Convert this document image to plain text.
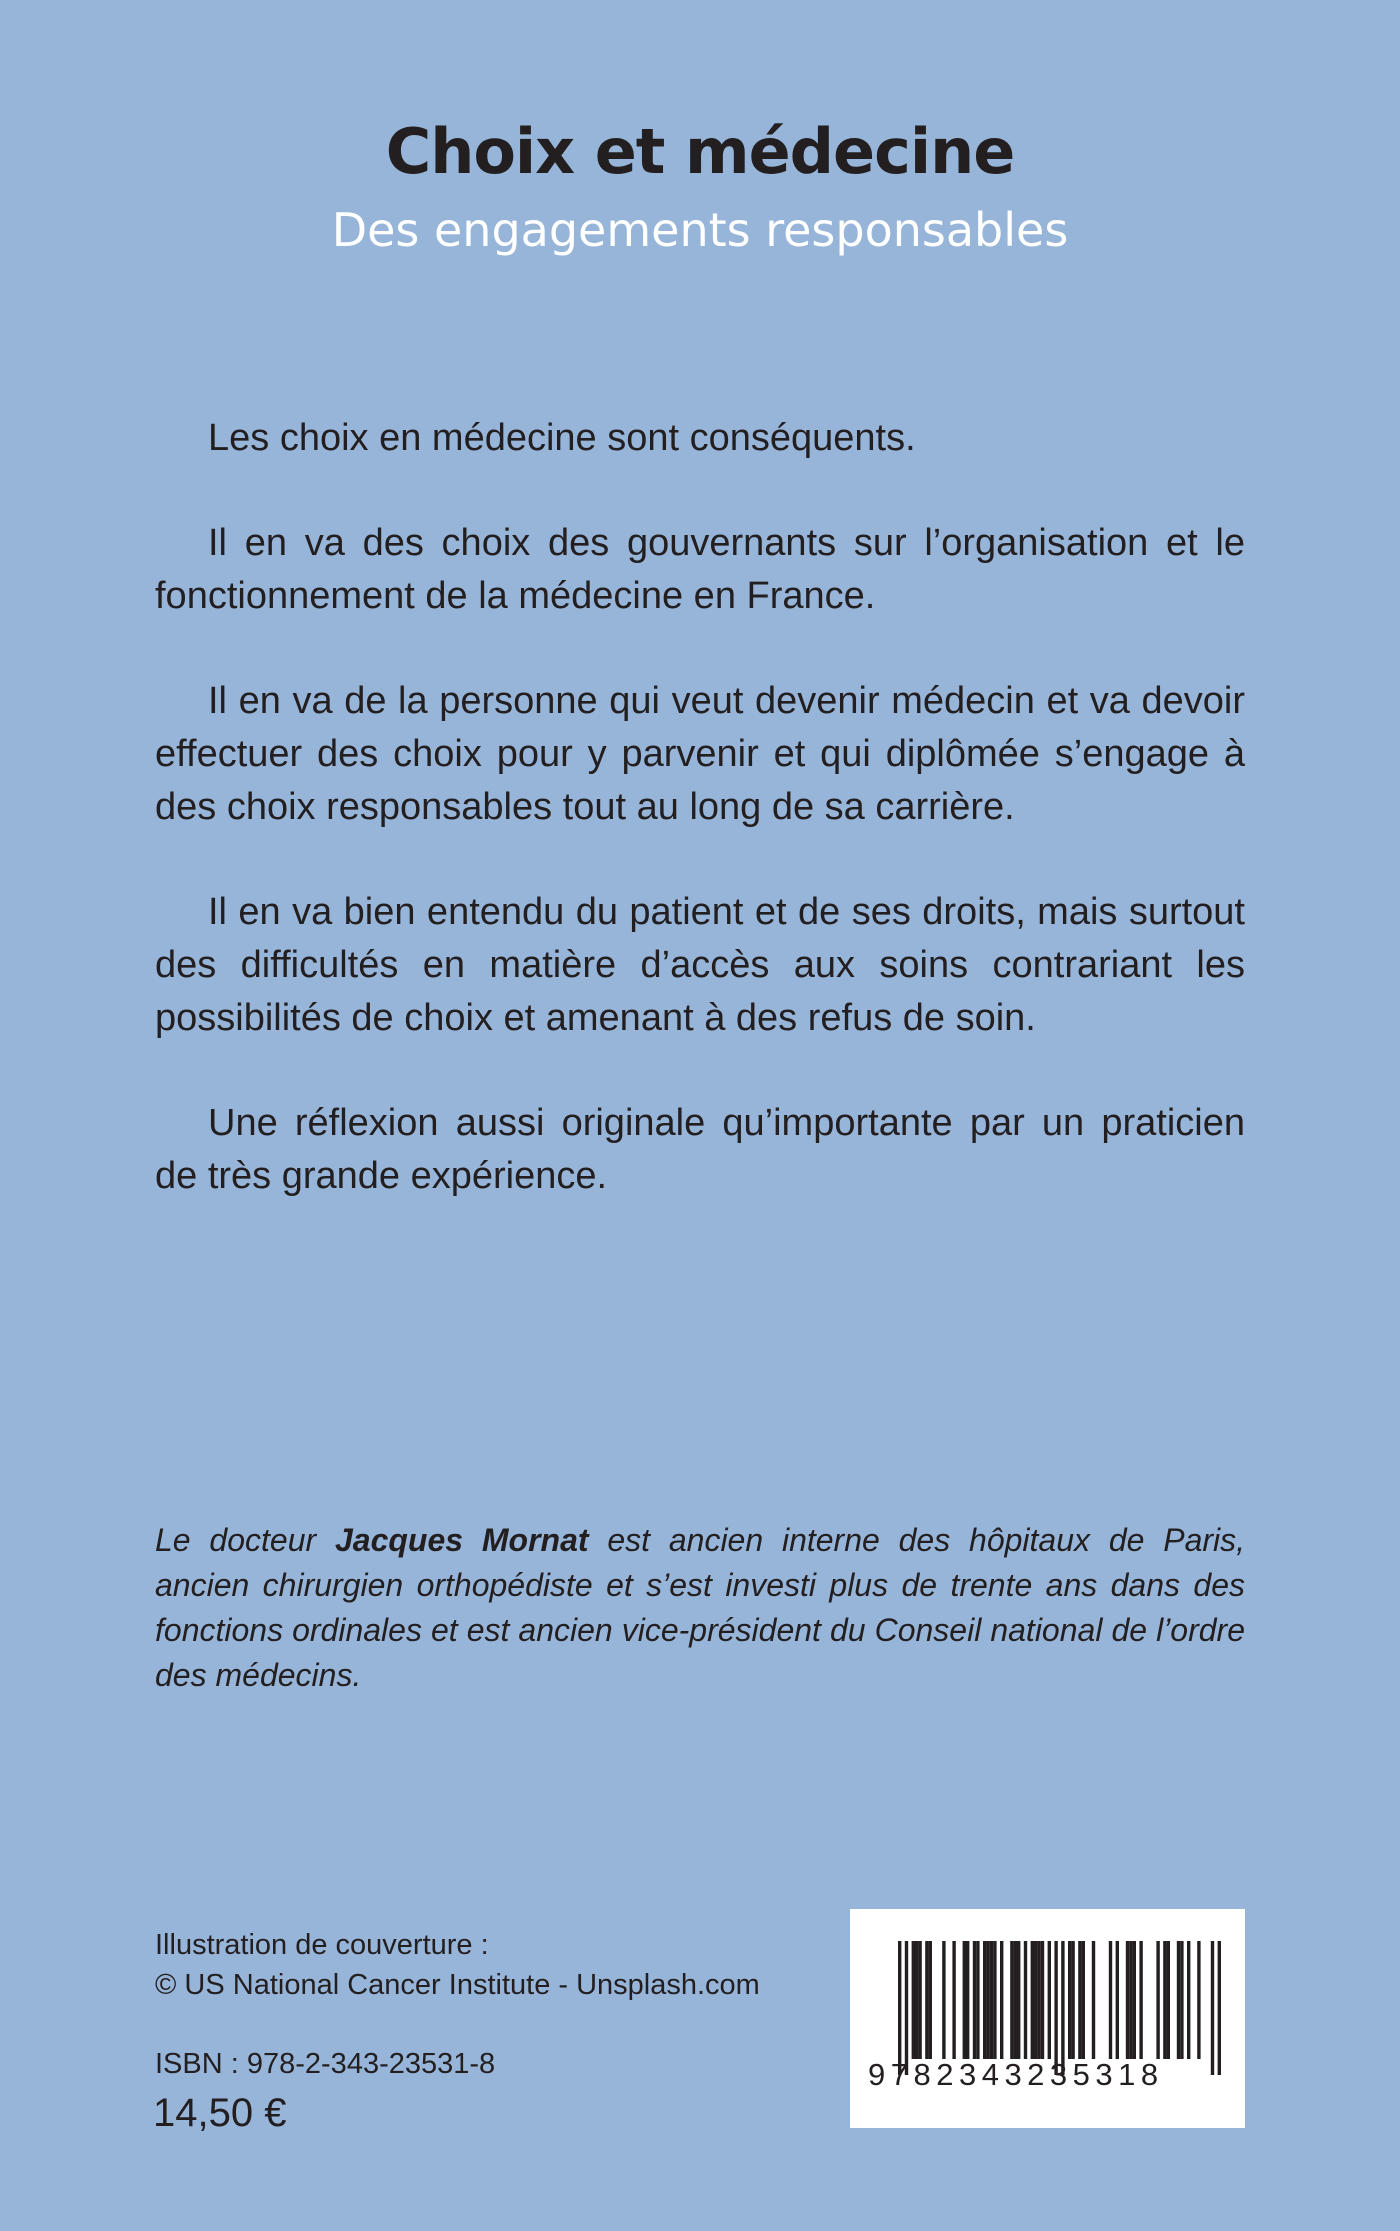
Choix et médecine
Des engagements responsables

Les choix en médecine sont conséquents.

Il en va des choix des gouvernants sur l’organisation et le fonctionnement de la médecine en France.

Il en va de la personne qui veut devenir médecin et va devoir effectuer des choix pour y parvenir et qui diplômée s’engage à des choix responsables tout au long de sa carrière.

Il en va bien entendu du patient et de ses droits, mais surtout des difficultés en matière d’accès aux soins contrariant les possibilités de choix et amenant à des refus de soin.

Une réflexion aussi originale qu’importante par un praticien de très grande expérience.

Le docteur Jacques Mornat est ancien interne des hôpitaux de Paris, ancien chirurgien orthopédiste et s’est investi plus de trente ans dans des fonctions ordinales et est ancien vice-président du Conseil national de l’ordre des médecins.
Illustration de couverture :
© US National Cancer Institute - Unsplash.com
ISBN : 978-2-343-23531-8
14,50 €
9782343235318
